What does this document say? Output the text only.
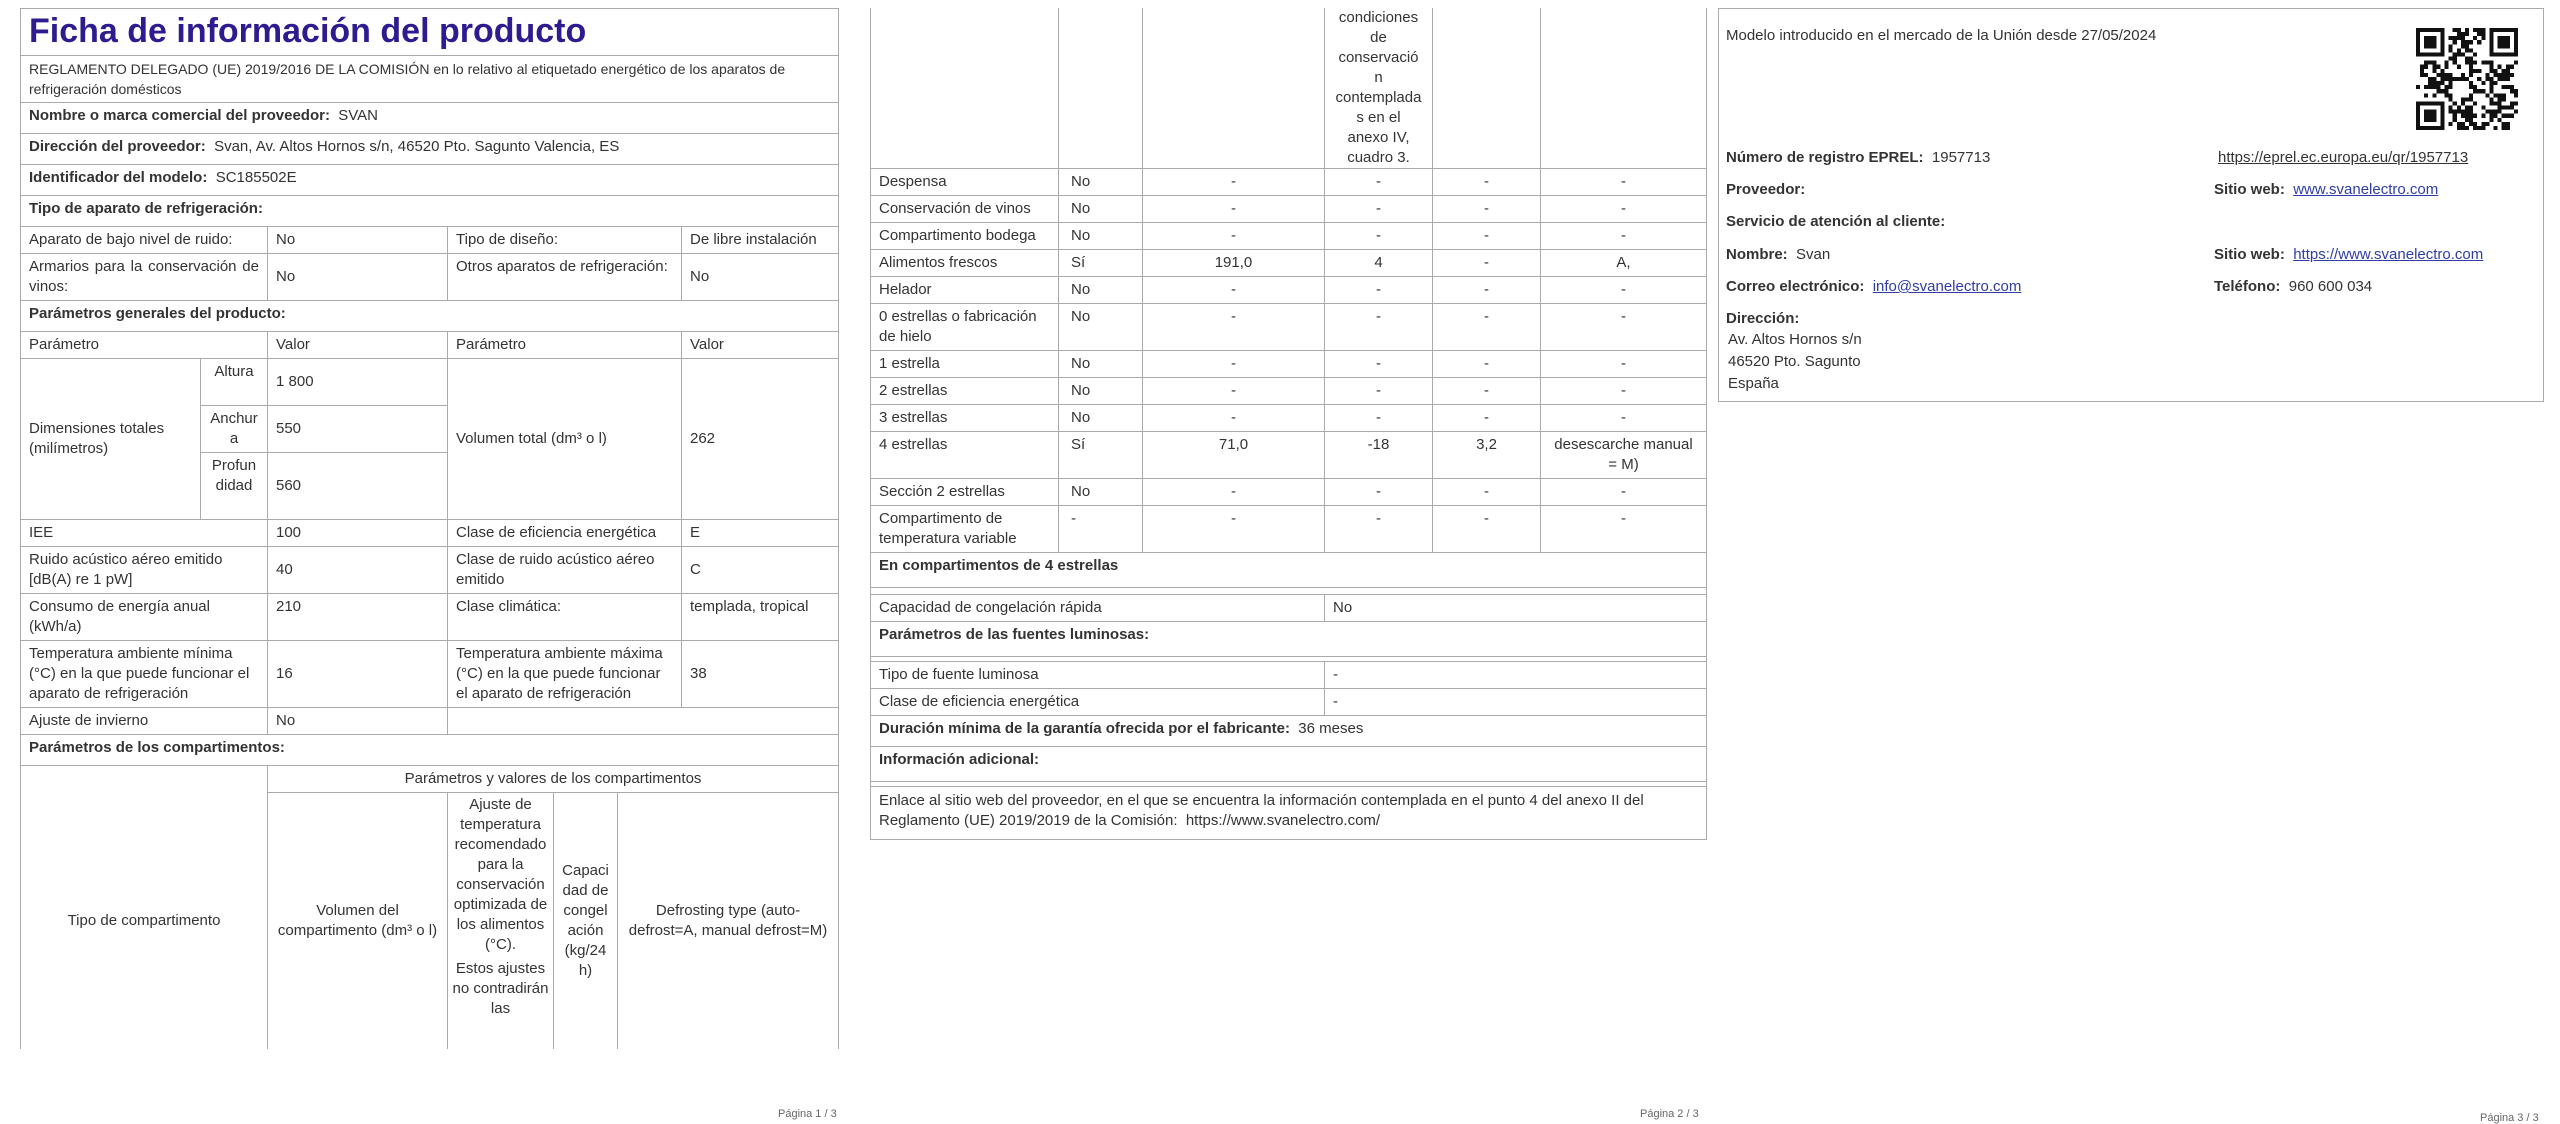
Ficha de información del producto						
REGLAMENTO DELEGADO (UE) 2019/2016 DE LA COMISIÓN en lo relativo al etiquetado energético de los aparatos de refrigeración domésticos						
Nombre o marca comercial del proveedor: SVAN						
Dirección del proveedor: Svan, Av. Altos Hornos s/n, 46520 Pto. Sagunto Valencia, ES						
Identificador del modelo: SC185502E						
Tipo de aparato de refrigeración:						
Aparato de bajo nivel de ruido:		No	Tipo de diseño:			De libre instalación
Armarios para la conservación de vinos:		No	Otros aparatos de refrigeración:			No
Parámetros generales del producto:						
Parámetro		Valor	Parámetro			Valor
Dimensiones totales (milímetros)	Altura	1 800	Volumen total (dm³ o l)			262
	Anchura	550				
	Profundidad	560				
IEE		100	Clase de eficiencia energética			E
Ruido acústico aéreo emitido [dB(A) re 1 pW]		40	Clase de ruido acústico aéreo emitido			C
Consumo de energía anual (kWh/a)		210	Clase climática:			templada, tropical
Temperatura ambiente mínima (°C) en la que puede funcionar el aparato de refrigeración		16	Temperatura ambiente máxima (°C) en la que puede funcionar el aparato de refrigeración			38
Ajuste de invierno		No				
Parámetros de los compartimentos:						
		Parámetros y valores de los compartimentos				
Tipo de compartimento		Volumen del compartimento (dm³ o l)	Ajuste de temperatura recomendado para la conservación optimizada de los alimentos (°C).
Estos ajustes no contradirán las	Capacidad de congelación (kg/24h)	Defrosting type (auto-defrost=A, manual defrost=M)	
Página 1 / 3
			condiciones de conservación contempladas en el anexo IV, cuadro 3.		
Despensa	No	-	-	-	-
Conservación de vinos	No	-	-	-	-
Compartimento bodega	No	-	-	-	-
Alimentos frescos	Sí	191,0	4	-	A,
Helador	No	-	-	-	-
0 estrellas o fabricación de hielo	No	-	-	-	-
1 estrella	No	-	-	-	-
2 estrellas	No	-	-	-	-
3 estrellas	No	-	-	-	-
4 estrellas	Sí	71,0	-18	3,2	desescarche manual = M)
Sección 2 estrellas	No	-	-	-	-
Compartimento de temperatura variable	-	-	-	-	-
En compartimentos de 4 estrellas					

Capacidad de congelación rápida			No		
Parámetros de las fuentes luminosas:					

Tipo de fuente luminosa			-		
Clase de eficiencia energética			-		
Duración mínima de la garantía ofrecida por el fabricante: 36 meses					
Información adicional:					

Enlace al sitio web del proveedor, en el que se encuentra la información contemplada en el punto 4 del anexo II del Reglamento (UE) 2019/2019 de la Comisión: https://www.svanelectro.com/					
Página 2 / 3
Modelo introducido en el mercado de la Unión desde 27/05/2024
Número de registro EPREL: 1957713	https://eprel.ec.europa.eu/qr/1957713
Proveedor:	Sitio web: www.svanelectro.com
Servicio de atención al cliente:
Nombre: Svan	Sitio web: https://www.svanelectro.com
Correo electrónico: info@svanelectro.com	Teléfono: 960 600 034
Dirección:
Av. Altos Hornos s/n
46520 Pto. Sagunto
España
Página 3 / 3
